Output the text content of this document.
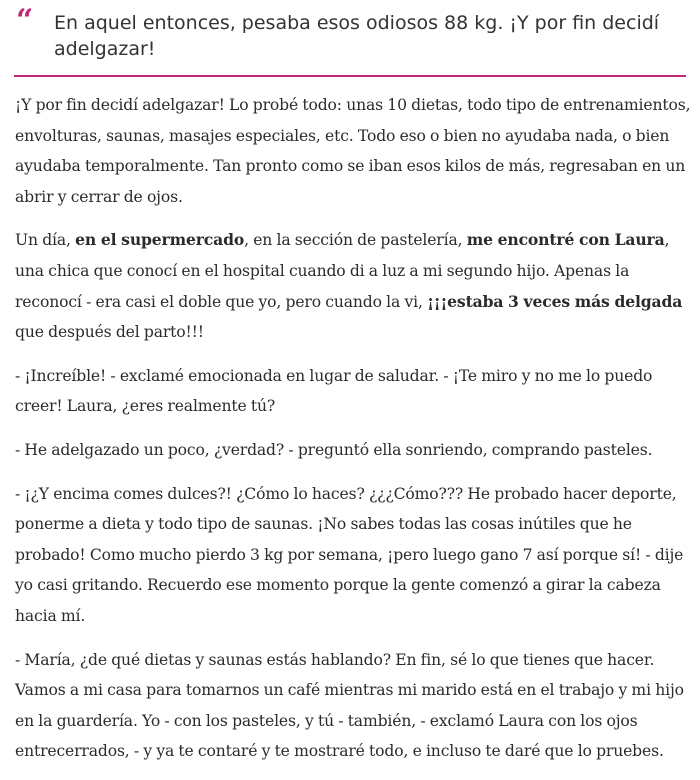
“ En aquel entonces, pesaba esos odiosos 88 kg. ¡Y por fin decidí adelgazar!

¡Y por fin decidí adelgazar! Lo probé todo: unas 10 dietas, todo tipo de entrenamientos, envolturas, saunas, masajes especiales, etc. Todo eso o bien no ayudaba nada, o bien ayudaba temporalmente. Tan pronto como se iban esos kilos de más, regresaban en un abrir y cerrar de ojos.

Un día, en el supermercado, en la sección de pastelería, me encontré con Laura, una chica que conocí en el hospital cuando di a luz a mi segundo hijo. Apenas la reconocí - era casi el doble que yo, pero cuando la vi, ¡¡¡estaba 3 veces más delgada que después del parto!!!

- ¡Increíble! - exclamé emocionada en lugar de saludar. - ¡Te miro y no me lo puedo creer! Laura, ¿eres realmente tú?

- He adelgazado un poco, ¿verdad? - preguntó ella sonriendo, comprando pasteles.

- ¡¿Y encima comes dulces?! ¿Cómo lo haces? ¿¿¿Cómo??? He probado hacer deporte, ponerme a dieta y todo tipo de saunas. ¡No sabes todas las cosas inútiles que he probado! Como mucho pierdo 3 kg por semana, ¡pero luego gano 7 así porque sí! - dije yo casi gritando. Recuerdo ese momento porque la gente comenzó a girar la cabeza hacia mí.

- María, ¿de qué dietas y saunas estás hablando? En fin, sé lo que tienes que hacer. Vamos a mi casa para tomarnos un café mientras mi marido está en el trabajo y mi hijo en la guardería. Yo - con los pasteles, y tú - también, - exclamó Laura con los ojos entrecerrados, - y ya te contaré y te mostraré todo, e incluso te daré que lo pruebes.
